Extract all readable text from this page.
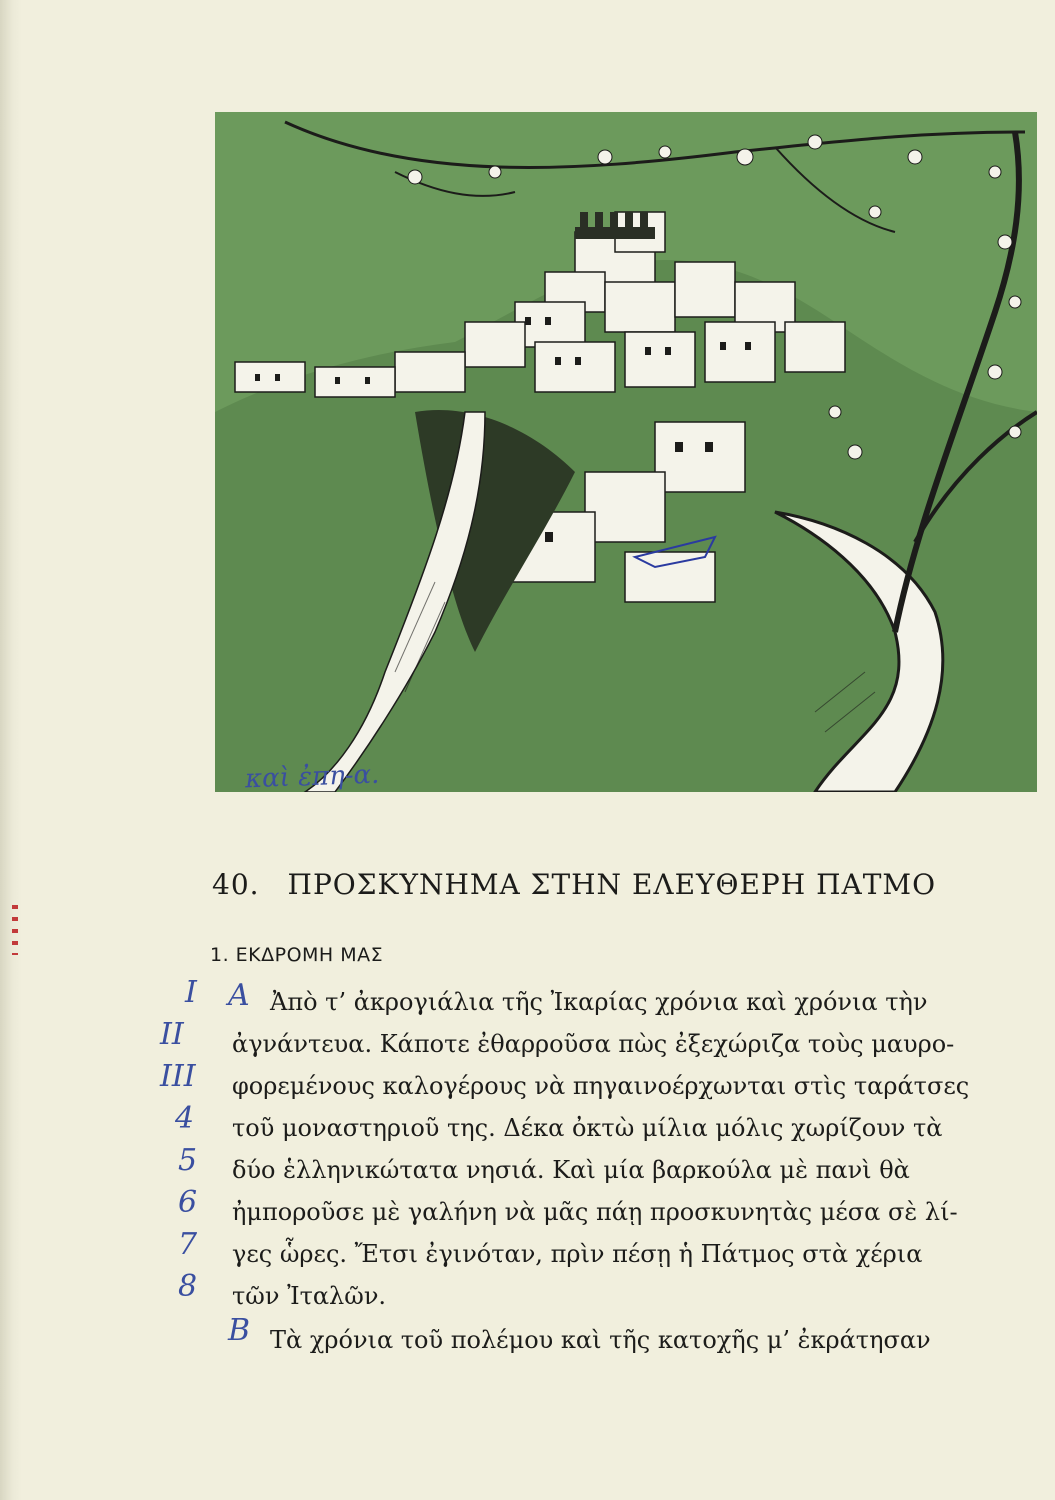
καὶ ἐπη-α.
40. ΠΡΟΣΚΥΝΗΜΑ ΣΤΗΝ ΕΛΕΥΘΕΡΗ ΠΑΤΜΟ
1. ΕΚΔΡΟΜΗ ΜΑΣ
Ἀπὸ τ’ ἀκρογιάλια τῆς Ἰκαρίας χρόνια καὶ χρόνια τὴν
ἀγνάντευα. Κάποτε ἐθαρροῦσα πὼς ἐξεχώριζα τοὺς μαυρο-
φορεμένους καλογέρους νὰ πηγαινοέρχωνται στὶς ταράτσες
τοῦ μοναστηριοῦ της. Δέκα ὀκτὼ μίλια μόλις χωρίζουν τὰ
δύο ἑλληνικώτατα νησιά. Καὶ μία βαρκούλα μὲ πανὶ θὰ
ἠμποροῦσε μὲ γαλήνη νὰ μᾶς πάῃ προσκυνητὰς μέσα σὲ λί-
γες ὧρες. Ἔτσι ἐγινόταν, πρὶν πέσῃ ἡ Πάτμος στὰ χέρια
τῶν Ἰταλῶν.
Τὰ χρόνια τοῦ πολέμου καὶ τῆς κατοχῆς μ’ ἐκράτησαν
I
II
III
4
5
6
7
8
A
B
